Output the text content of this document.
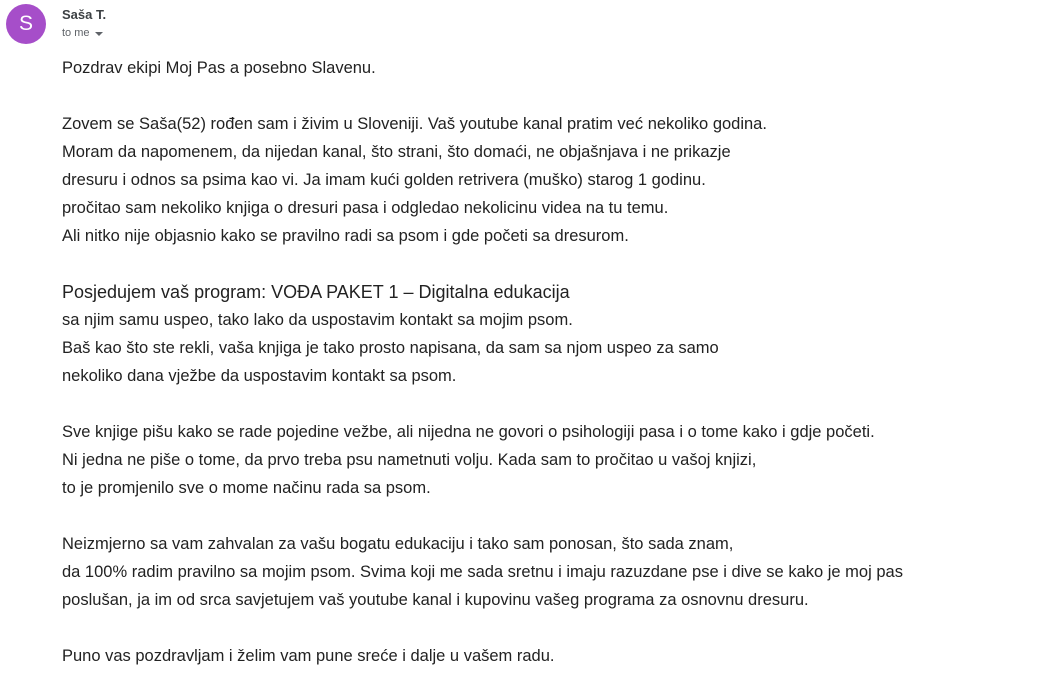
S	Saša T.
to me
Pozdrav ekipi Moj Pas a posebno Slavenu.
Zovem se Saša(52) rođen sam i živim u Sloveniji. Vaš youtube kanal pratim već nekoliko godina.
Moram da napomenem, da nijedan kanal, što strani, što domaći, ne objašnjava i ne prikazje
dresuru i odnos sa psima kao vi. Ja imam kući golden retrivera (muško) starog 1 godinu.
pročitao sam nekoliko knjiga o dresuri pasa i odgledao nekolicinu videa na tu temu.
Ali nitko nije objasnio kako se pravilno radi sa psom i gde početi sa dresurom.
Posjedujem vaš program: VOĐA PAKET 1 – Digitalna edukacija
sa njim samu uspeo, tako lako da uspostavim kontakt sa mojim psom.
Baš kao što ste rekli, vaša knjiga je tako prosto napisana, da sam sa njom uspeo za samo
nekoliko dana vježbe da uspostavim kontakt sa psom.
Sve knjige pišu kako se rade pojedine vežbe, ali nijedna ne govori o psihologiji pasa i o tome kako i gdje početi.
Ni jedna ne piše o tome, da prvo treba psu nametnuti volju. Kada sam to pročitao u vašoj knjizi,
to je promjenilo sve o mome načinu rada sa psom.
Neizmjerno sa vam zahvalan za vašu bogatu edukaciju i tako sam ponosan, što sada znam,
da 100% radim pravilno sa mojim psom. Svima koji me sada sretnu i imaju razuzdane pse i dive se kako je moj pas
poslušan, ja im od srca savjetujem vaš youtube kanal i kupovinu vašeg programa za osnovnu dresuru.
Puno vas pozdravljam i želim vam pune sreće i dalje u vašem radu.
